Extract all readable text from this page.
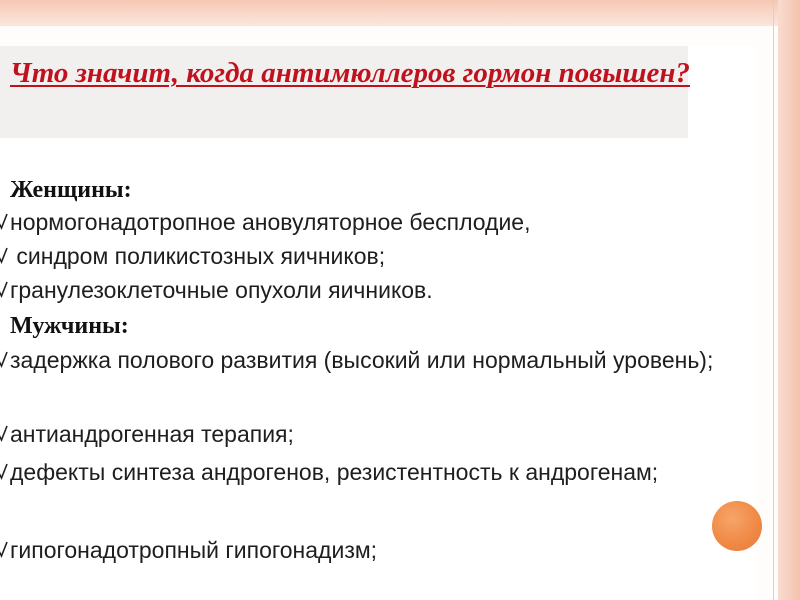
Что значит, когда антимюллеров гормон повышен?
Женщины:
нормогонадотропное ановуляторное бесплодие,
синдром поликистозных яичников;
гранулезоклеточные опухоли яичников.
Мужчины:
задержка полового развития (высокий или нормальный уровень);
антиандрогенная терапия;
дефекты синтеза андрогенов, резистентность к андрогенам;
гипогонадотропный гипогонадизм;
